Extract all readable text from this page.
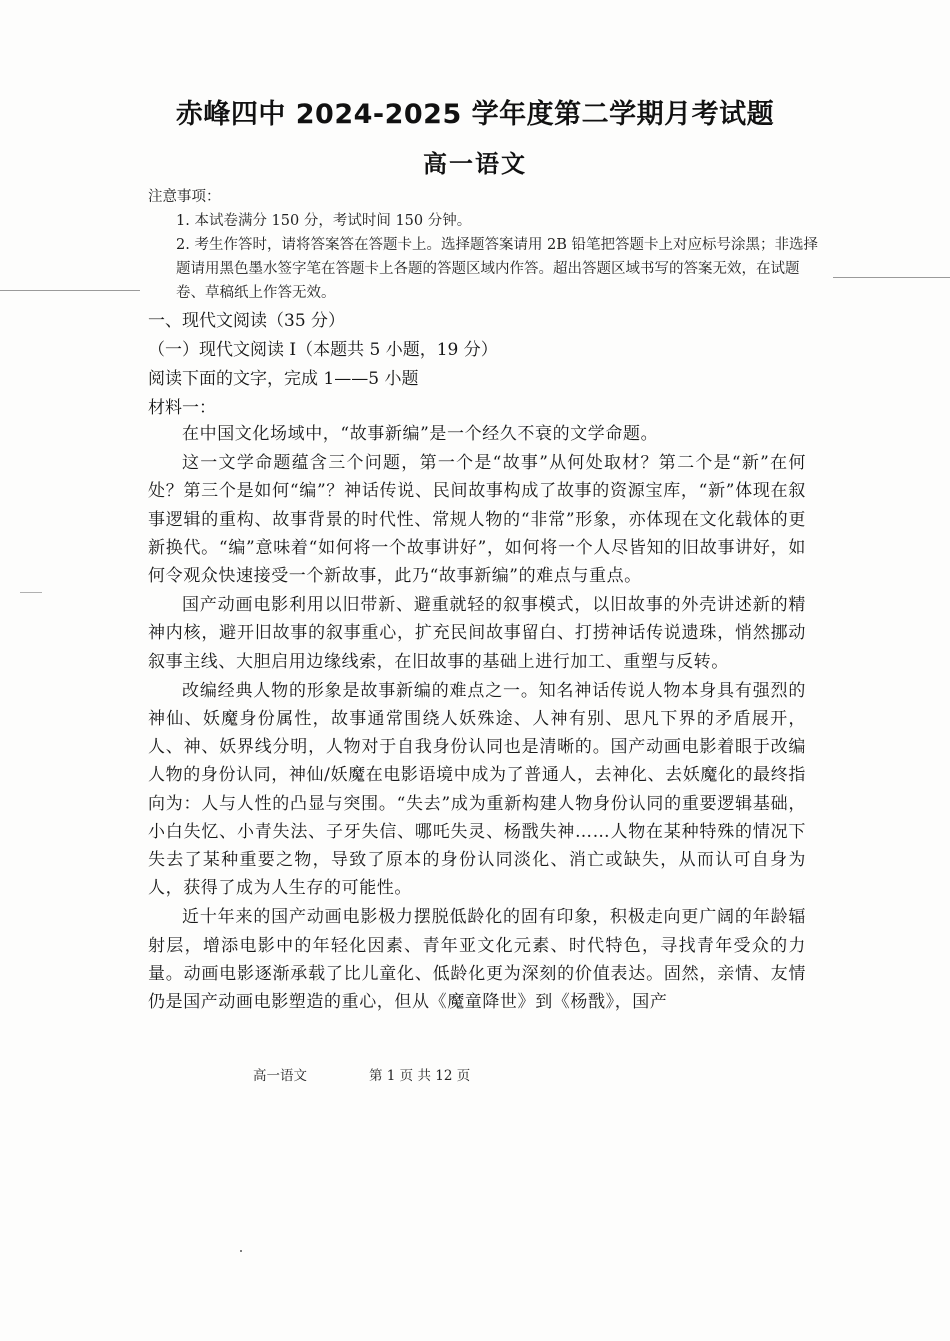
赤峰四中 2024-2025 学年度第二学期月考试题
高一语文

注意事项：

1. 本试卷满分 150 分，考试时间 150 分钟。

2. 考生作答时，请将答案答在答题卡上。选择题答案请用 2B 铅笔把答题卡上对应标号涂黑；非选择题请用黑色墨水签字笔在答题卡上各题的答题区域内作答。超出答题区域书写的答案无效，在试题卷、草稿纸上作答无效。

一、现代文阅读（35 分）

（一）现代文阅读 I（本题共 5 小题，19 分）

阅读下面的文字，完成 1——5 小题

材料一：

在中国文化场域中，“故事新编”是一个经久不衰的文学命题。

这一文学命题蕴含三个问题，第一个是“故事”从何处取材？第二个是“新”在何处？第三个是如何“编”？神话传说、民间故事构成了故事的资源宝库，“新”体现在叙事逻辑的重构、故事背景的时代性、常规人物的“非常”形象，亦体现在文化载体的更新换代。“编”意味着“如何将一个故事讲好”，如何将一个人尽皆知的旧故事讲好，如何令观众快速接受一个新故事，此乃“故事新编”的难点与重点。

国产动画电影利用以旧带新、避重就轻的叙事模式，以旧故事的外壳讲述新的精神内核，避开旧故事的叙事重心，扩充民间故事留白、打捞神话传说遗珠，悄然挪动叙事主线、大胆启用边缘线索，在旧故事的基础上进行加工、重塑与反转。

改编经典人物的形象是故事新编的难点之一。知名神话传说人物本身具有强烈的神仙、妖魔身份属性，故事通常围绕人妖殊途、人神有别、思凡下界的矛盾展开，人、神、妖界线分明，人物对于自我身份认同也是清晰的。国产动画电影着眼于改编人物的身份认同，神仙/妖魔在电影语境中成为了普通人，去神化、去妖魔化的最终指向为：人与人性的凸显与突围。“失去”成为重新构建人物身份认同的重要逻辑基础，小白失忆、小青失法、子牙失信、哪吒失灵、杨戬失神……人物在某种特殊的情况下失去了某种重要之物，导致了原本的身份认同淡化、消亡或缺失，从而认可自身为人，获得了成为人生存的可能性。

近十年来的国产动画电影极力摆脱低龄化的固有印象，积极走向更广阔的年龄辐射层，增添电影中的年轻化因素、青年亚文化元素、时代特色，寻找青年受众的力量。动画电影逐渐承载了比儿童化、低龄化更为深刻的价值表达。固然，亲情、友情仍是国产动画电影塑造的重心，但从《魔童降世》到《杨戬》，国产

高一语文	第 1 页 共 12 页
